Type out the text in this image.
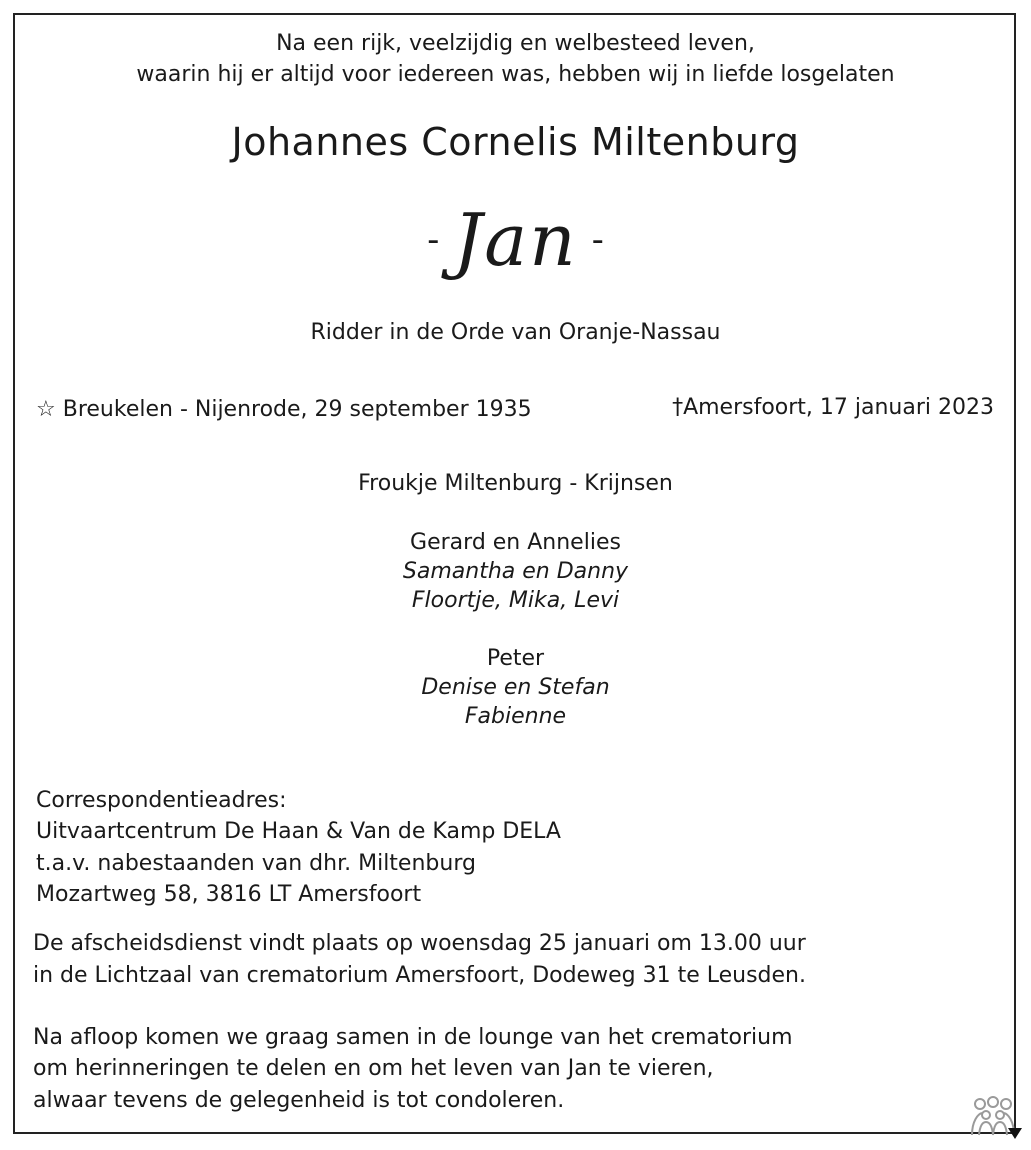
Na een rijk, veelzijdig en welbesteed leven,
waarin hij er altijd voor iedereen was, hebben wij in liefde losgelaten
Johannes Cornelis Miltenburg
- Jan -
Ridder in de Orde van Oranje-Nassau
☆ Breukelen - Nijenrode, 29 september 1935	†Amersfoort, 17 januari 2023
Froukje Miltenburg - Krijnsen
Gerard en Annelies
Samantha en Danny
Floortje, Mika, Levi
Peter
Denise en Stefan
Fabienne
Correspondentieadres:
Uitvaartcentrum De Haan & Van de Kamp DELA
t.a.v. nabestaanden van dhr. Miltenburg
Mozartweg 58, 3816 LT Amersfoort
De afscheidsdienst vindt plaats op woensdag 25 januari om 13.00 uur
in de Lichtzaal van crematorium Amersfoort, Dodeweg 31 te Leusden.
Na afloop komen we graag samen in de lounge van het crematorium
om herinneringen te delen en om het leven van Jan te vieren,
alwaar tevens de gelegenheid is tot condoleren.
